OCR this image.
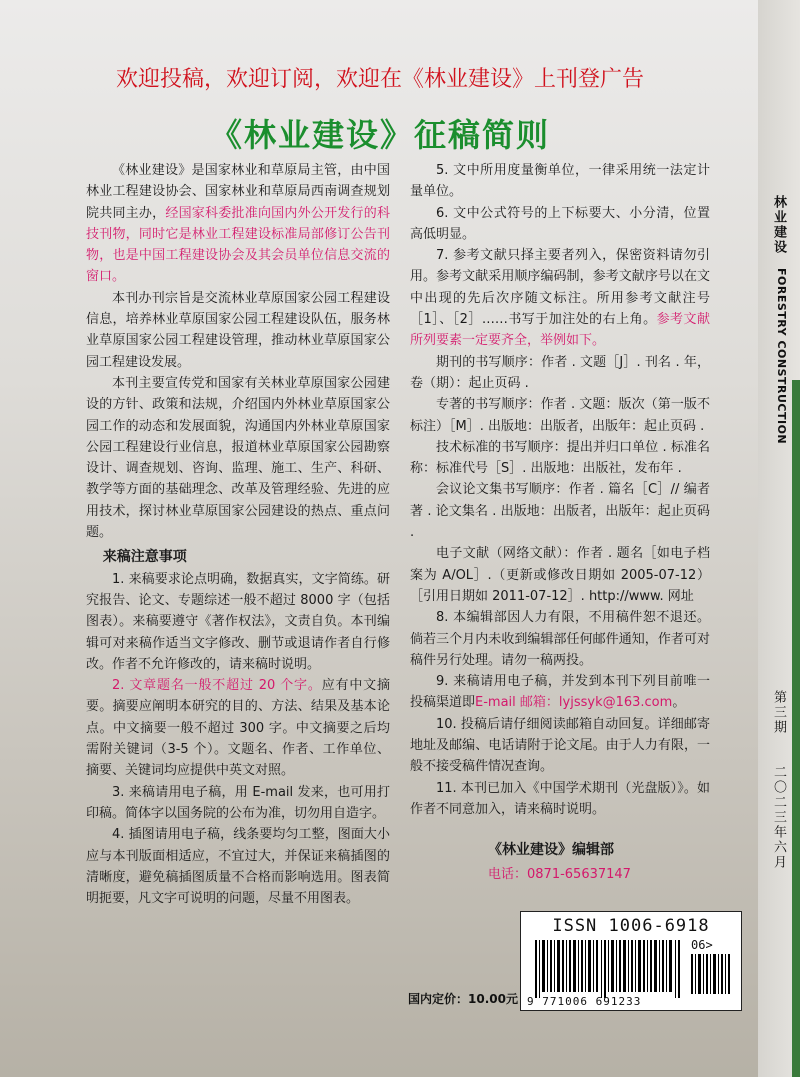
林业建设
FORESTRY CONSTRUCTION
第三期
二〇二三年六月
欢迎投稿，欢迎订阅，欢迎在《林业建设》上刊登广告
《林业建设》征稿简则

《林业建设》是国家林业和草原局主管，由中国林业工程建设协会、国家林业和草原局西南调查规划院共同主办，经国家科委批准向国内外公开发行的科技刊物，同时它是林业工程建设标准局部修订公告刊物，也是中国工程建设协会及其会员单位信息交流的窗口。

本刊办刊宗旨是交流林业草原国家公园工程建设信息，培养林业草原国家公园工程建设队伍，服务林业草原国家公园工程建设管理，推动林业草原国家公园工程建设发展。

本刊主要宣传党和国家有关林业草原国家公园建设的方针、政策和法规，介绍国内外林业草原国家公园工作的动态和发展面貌，沟通国内外林业草原国家公园工程建设行业信息，报道林业草原国家公园勘察设计、调查规划、咨询、监理、施工、生产、科研、教学等方面的基础理念、改革及管理经验、先进的应用技术，探讨林业草原国家公园建设的热点、重点问题。

来稿注意事项

1. 来稿要求论点明确，数据真实，文字简练。研究报告、论文、专题综述一般不超过 8000 字（包括图表）。来稿要遵守《著作权法》，文责自负。本刊编辑可对来稿作适当文字修改、删节或退请作者自行修改。作者不允许修改的，请来稿时说明。

2. 文章题名一般不超过 20 个字。应有中文摘要。摘要应阐明本研究的目的、方法、结果及基本论点。中文摘要一般不超过 300 字。中文摘要之后均需附关键词（3-5 个）。文题名、作者、工作单位、摘要、关键词均应提供中英文对照。

3. 来稿请用电子稿，用 E-mail 发来，也可用打印稿。简体字以国务院的公布为准，切勿用自造字。

4. 插图请用电子稿，线条要均匀工整，图面大小应与本刊版面相适应，不宜过大，并保证来稿插图的清晰度，避免稿插图质量不合格而影响选用。图表简明扼要，凡文字可说明的问题，尽量不用图表。

5. 文中所用度量衡单位，一律采用统一法定计量单位。

6. 文中公式符号的上下标要大、小分清，位置高低明显。

7. 参考文献只择主要者列入，保密资料请勿引用。参考文献采用顺序编码制，参考文献序号以在文中出现的先后次序随文标注。所用参考文献注号［1］、［2］……书写于加注处的右上角。参考文献所列要素一定要齐全，举例如下。

期刊的书写顺序：作者 . 文题［J］. 刊名 . 年，卷（期）：起止页码 .

专著的书写顺序：作者 . 文题：版次（第一版不标注）［M］. 出版地：出版者，出版年：起止页码 .

技术标准的书写顺序：提出并归口单位 . 标准名称：标准代号［S］. 出版地：出版社，发布年 .

会议论文集书写顺序：作者 . 篇名［C］// 编者著 . 论文集名 . 出版地：出版者，出版年：起止页码 .

电子文献（网络文献）：作者 . 题名［如电子档案为 A/OL］.（更新或修改日期如 2005-07-12）［引用日期如 2011-07-12］. http://www. 网址

8. 本编辑部因人力有限，不用稿件恕不退还。倘若三个月内未收到编辑部任何邮件通知，作者可对稿件另行处理。请勿一稿两投。

9. 来稿请用电子稿，并发到本刊下列目前唯一投稿渠道即E-mail 邮箱：lyjssyk@163.com。

10. 投稿后请仔细阅读邮箱自动回复。详细邮寄地址及邮编、电话请附于论文尾。由于人力有限，一般不接受稿件情况查询。

11. 本刊已加入《中国学术期刊（光盘版）》。如作者不同意加入，请来稿时说明。

《林业建设》编辑部
电话：0871-65637147
ISSN 1006-6918
06>
9 771006 691233
国内定价：10.00元
